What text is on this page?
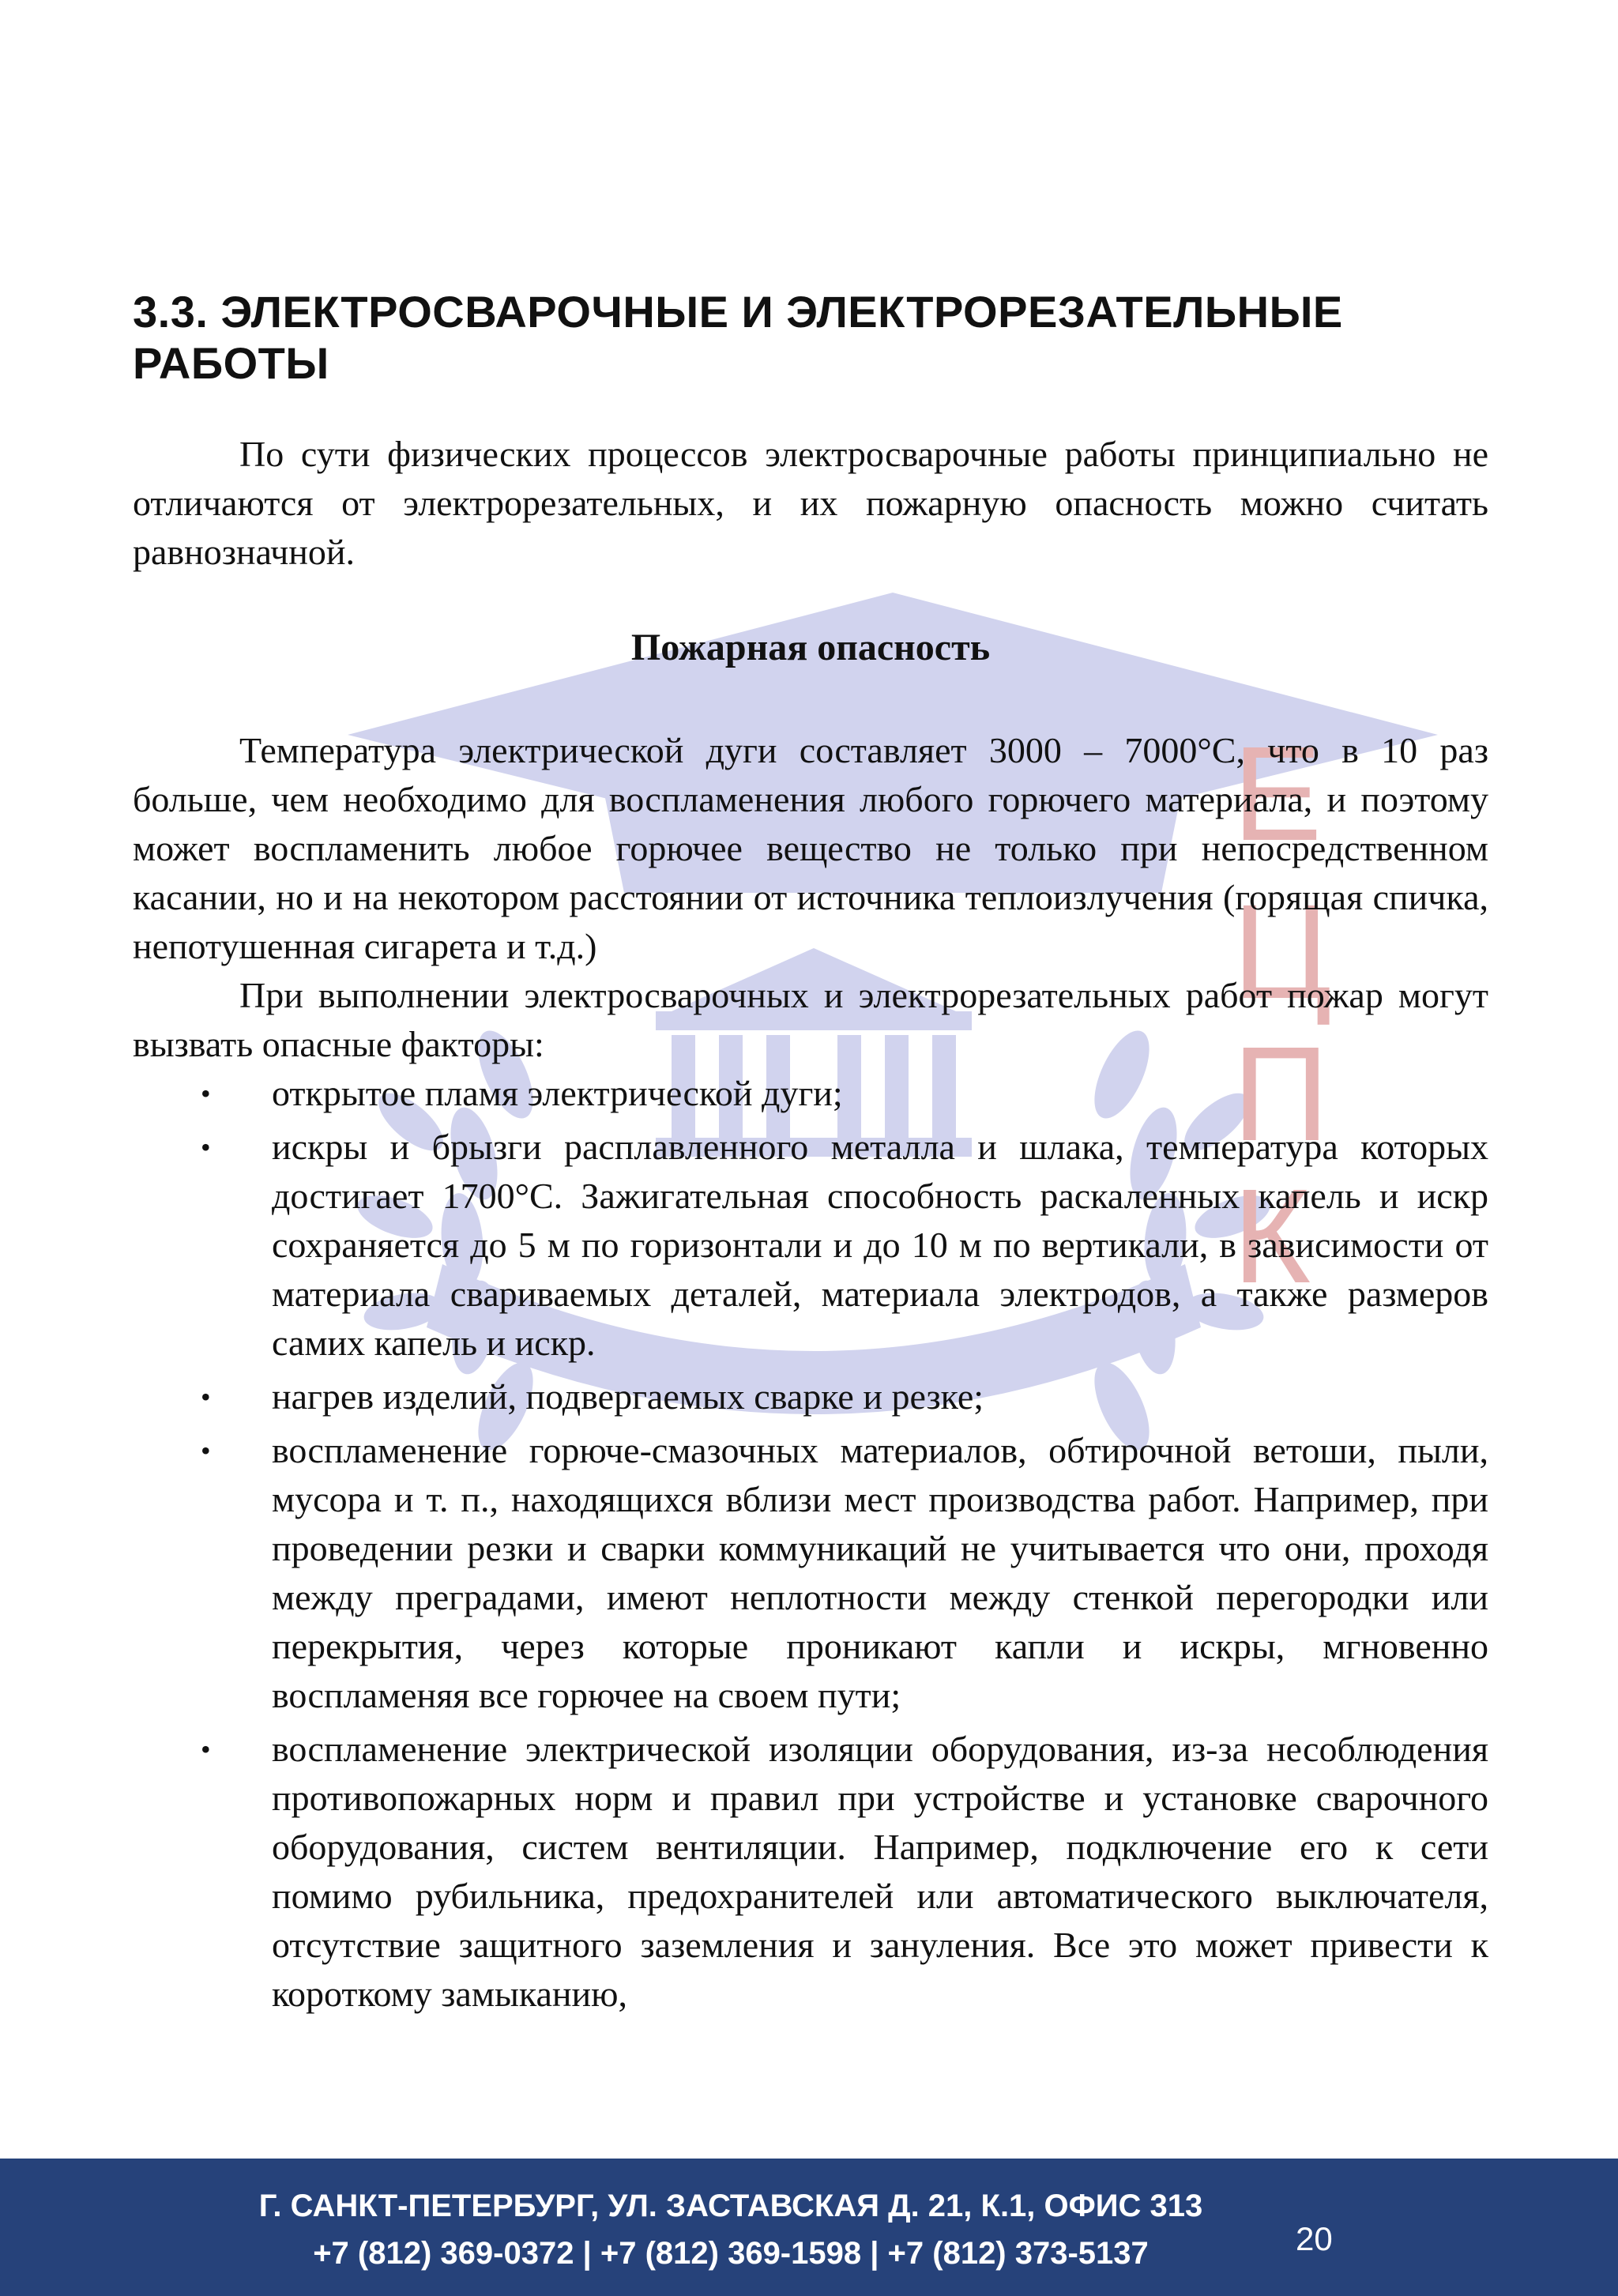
Е
Ц
П
К
3.3. ЭЛЕКТРОСВАРОЧНЫЕ И ЭЛЕКТРОРЕЗАТЕЛЬНЫЕ РАБОТЫ

По сути физических процессов электросварочные работы принципиально не отличаются от электрорезательных, и их пожарную опасность можно считать равнозначной.

Пожарная опасность

Температура электрической дуги составляет 3000 – 7000°С, что в 10 раз больше, чем необходимо для воспламенения любого горючего материала, и поэтому может воспламенить любое горючее вещество не только при непосредственном касании, но и на некотором расстоянии от источника теплоизлучения (горящая спичка, непотушенная сигарета и т.д.)

При выполнении электросварочных и электрорезательных работ пожар могут вызвать опасные факторы:

• открытое пламя электрической дуги;
• искры и брызги расплавленного металла и шлака, температура которых достигает 1700°С. Зажигательная способность раскаленных капель и искр сохраняется до 5 м по горизонтали и до 10 м по вертикали, в зависимости от материала свариваемых деталей, материала электродов, а также размеров самих капель и искр.
• нагрев изделий, подвергаемых сварке и резке;
• воспламенение горюче-смазочных материалов, обтирочной ветоши, пыли, мусора и т. п., находящихся вблизи мест производства работ. Например, при проведении резки и сварки коммуникаций не учитывается что они, проходя между преградами, имеют неплотности между стенкой перегородки или перекрытия, через которые проникают капли и искры, мгновенно воспламеняя все горючее на своем пути;
• воспламенение электрической изоляции оборудования, из-за несоблюдения противопожарных норм и правил при устройстве и установке сварочного оборудования, систем вентиляции. Например, подключение его к сети помимо рубильника, предохранителей или автоматического выключателя, отсутствие защитного заземления и зануления. Все это может привести к короткому замыканию,
Г. САНКТ-ПЕТЕРБУРГ, УЛ. ЗАСТАВСКАЯ Д. 21, К.1, ОФИС 313
+7 (812) 369-0372 | +7 (812) 369-1598 | +7 (812) 373-5137	20
